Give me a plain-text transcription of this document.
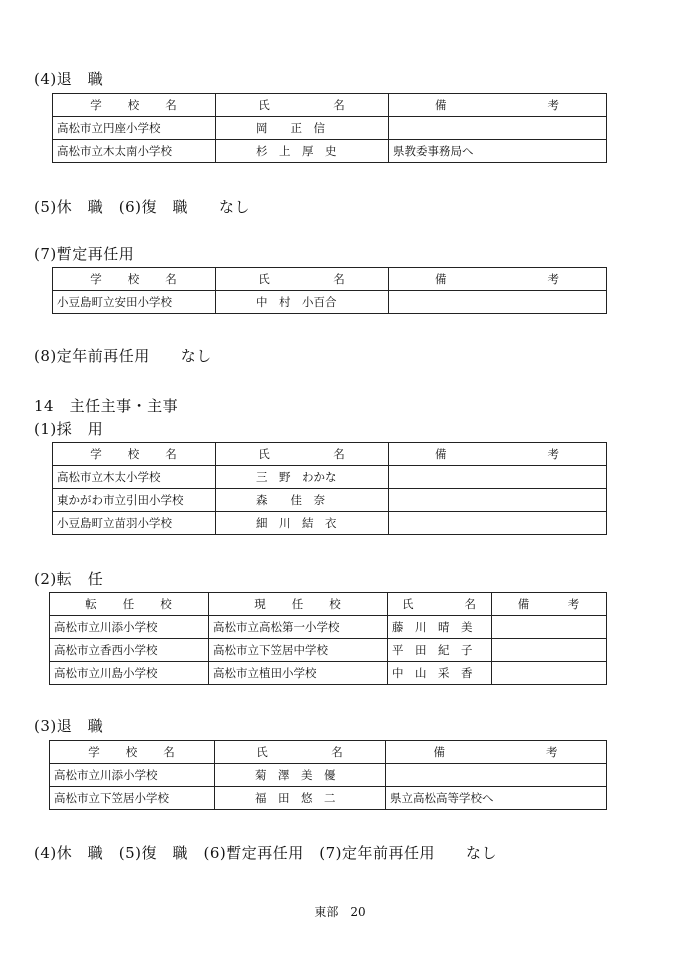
(4)退　職
学　　校　　名	氏　　　　　名	備　　　　　　　　考
高松市立円座小学校	岡　　正　信	
高松市立木太南小学校	杉　上　厚　史	県教委事務局へ
(5)休　職　(6)復　職　　なし
(7)暫定再任用
学　　校　　名	氏　　　　　名	備　　　　　　　　考
小豆島町立安田小学校	中　村　小百合	
(8)定年前再任用　　なし
14　主任主事・主事
(1)採　用
学　　校　　名	氏　　　　　名	備　　　　　　　　考
高松市立木太小学校	三　野　わかな	
東かがわ市立引田小学校	森　　佳　奈	
小豆島町立苗羽小学校	細　川　結　衣	
(2)転　任
転　　任　　校	現　　任　　校	氏　　　　名	備　　　考
高松市立川添小学校	高松市立高松第一小学校	藤　川　晴　美	
高松市立香西小学校	高松市立下笠居中学校	平　田　紀　子	
高松市立川島小学校	高松市立植田小学校	中　山　采　香	
(3)退　職
学　　校　　名	氏　　　　　名	備　　　　　　　　考
高松市立川添小学校	菊　澤　美　優	
高松市立下笠居小学校	福　田　悠　二	県立高松高等学校へ
(4)休　職　(5)復　職　(6)暫定再任用　(7)定年前再任用　　なし
東部　20
